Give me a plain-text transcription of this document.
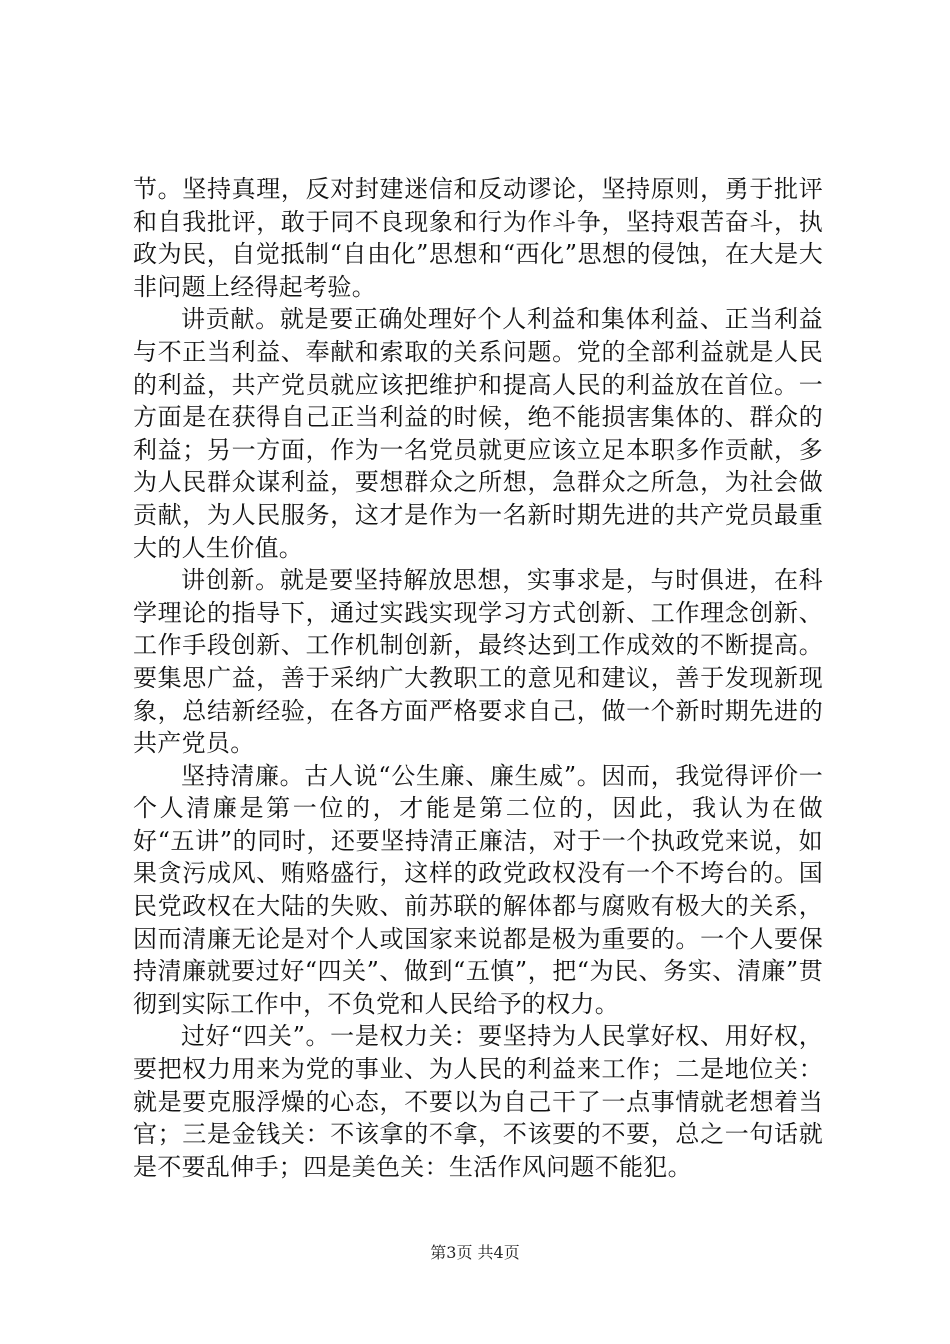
节。坚持真理，反对封建迷信和反动谬论，坚持原则，勇于批评和自我批评，敢于同不良现象和行为作斗争，坚持艰苦奋斗，执政为民，自觉抵制“自由化”思想和“西化”思想的侵蚀，在大是大非问题上经得起考验。

讲贡献。就是要正确处理好个人利益和集体利益、正当利益与不正当利益、奉献和索取的关系问题。党的全部利益就是人民的利益，共产党员就应该把维护和提高人民的利益放在首位。一方面是在获得自己正当利益的时候，绝不能损害集体的、群众的利益；另一方面，作为一名党员就更应该立足本职多作贡献，多为人民群众谋利益，要想群众之所想，急群众之所急，为社会做贡献，为人民服务，这才是作为一名新时期先进的共产党员最重大的人生价值。

讲创新。就是要坚持解放思想，实事求是，与时俱进，在科学理论的指导下，通过实践实现学习方式创新、工作理念创新、工作手段创新、工作机制创新，最终达到工作成效的不断提高。要集思广益，善于采纳广大教职工的意见和建议，善于发现新现象，总结新经验，在各方面严格要求自己，做一个新时期先进的共产党员。

坚持清廉。古人说“公生廉、廉生威”。因而，我觉得评价一个人清廉是第一位的，才能是第二位的，因此，我认为在做好“五讲”的同时，还要坚持清正廉洁，对于一个执政党来说，如果贪污成风、贿赂盛行，这样的政党政权没有一个不垮台的。国民党政权在大陆的失败、前苏联的解体都与腐败有极大的关系，因而清廉无论是对个人或国家来说都是极为重要的。一个人要保持清廉就要过好“四关”、做到“五慎”，把“为民、务实、清廉”贯彻到实际工作中，不负党和人民给予的权力。

过好“四关”。一是权力关：要坚持为人民掌好权、用好权，要把权力用来为党的事业、为人民的利益来工作；二是地位关：就是要克服浮燥的心态，不要以为自己干了一点事情就老想着当官；三是金钱关：不该拿的不拿，不该要的不要，总之一句话就是不要乱伸手；四是美色关：生活作风问题不能犯。

第3页 共4页
